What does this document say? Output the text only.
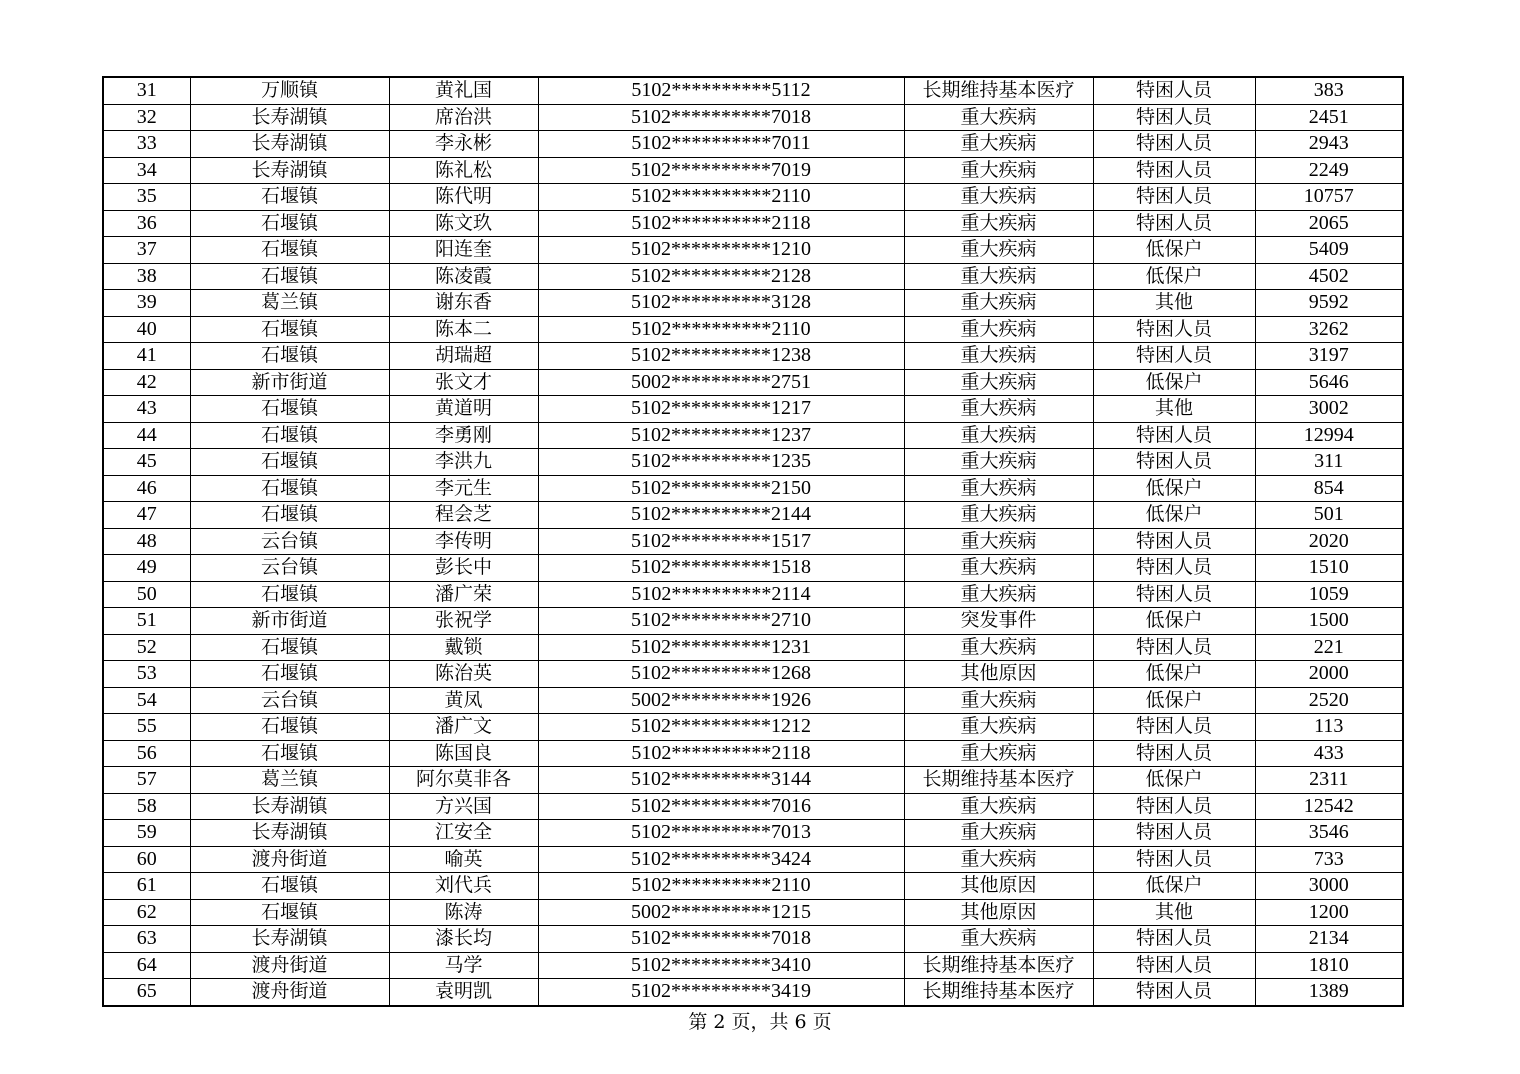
31	万顺镇	黄礼国	5102**********5112	长期维持基本医疗	特困人员	383
32	长寿湖镇	席治洪	5102**********7018	重大疾病	特困人员	2451
33	长寿湖镇	李永彬	5102**********7011	重大疾病	特困人员	2943
34	长寿湖镇	陈礼松	5102**********7019	重大疾病	特困人员	2249
35	石堰镇	陈代明	5102**********2110	重大疾病	特困人员	10757
36	石堰镇	陈文玖	5102**********2118	重大疾病	特困人员	2065
37	石堰镇	阳连奎	5102**********1210	重大疾病	低保户	5409
38	石堰镇	陈凌霞	5102**********2128	重大疾病	低保户	4502
39	葛兰镇	谢东香	5102**********3128	重大疾病	其他	9592
40	石堰镇	陈本二	5102**********2110	重大疾病	特困人员	3262
41	石堰镇	胡瑞超	5102**********1238	重大疾病	特困人员	3197
42	新市街道	张文才	5002**********2751	重大疾病	低保户	5646
43	石堰镇	黄道明	5102**********1217	重大疾病	其他	3002
44	石堰镇	李勇刚	5102**********1237	重大疾病	特困人员	12994
45	石堰镇	李洪九	5102**********1235	重大疾病	特困人员	311
46	石堰镇	李元生	5102**********2150	重大疾病	低保户	854
47	石堰镇	程会芝	5102**********2144	重大疾病	低保户	501
48	云台镇	李传明	5102**********1517	重大疾病	特困人员	2020
49	云台镇	彭长中	5102**********1518	重大疾病	特困人员	1510
50	石堰镇	潘广荣	5102**********2114	重大疾病	特困人员	1059
51	新市街道	张祝学	5102**********2710	突发事件	低保户	1500
52	石堰镇	戴锁	5102**********1231	重大疾病	特困人员	221
53	石堰镇	陈治英	5102**********1268	其他原因	低保户	2000
54	云台镇	黄凤	5002**********1926	重大疾病	低保户	2520
55	石堰镇	潘广文	5102**********1212	重大疾病	特困人员	113
56	石堰镇	陈国良	5102**********2118	重大疾病	特困人员	433
57	葛兰镇	阿尔莫非各	5102**********3144	长期维持基本医疗	低保户	2311
58	长寿湖镇	方兴国	5102**********7016	重大疾病	特困人员	12542
59	长寿湖镇	江安全	5102**********7013	重大疾病	特困人员	3546
60	渡舟街道	喻英	5102**********3424	重大疾病	特困人员	733
61	石堰镇	刘代兵	5102**********2110	其他原因	低保户	3000
62	石堰镇	陈涛	5002**********1215	其他原因	其他	1200
63	长寿湖镇	漆长均	5102**********7018	重大疾病	特困人员	2134
64	渡舟街道	马学	5102**********3410	长期维持基本医疗	特困人员	1810
65	渡舟街道	袁明凯	5102**********3419	长期维持基本医疗	特困人员	1389
第 2 页，共 6 页
